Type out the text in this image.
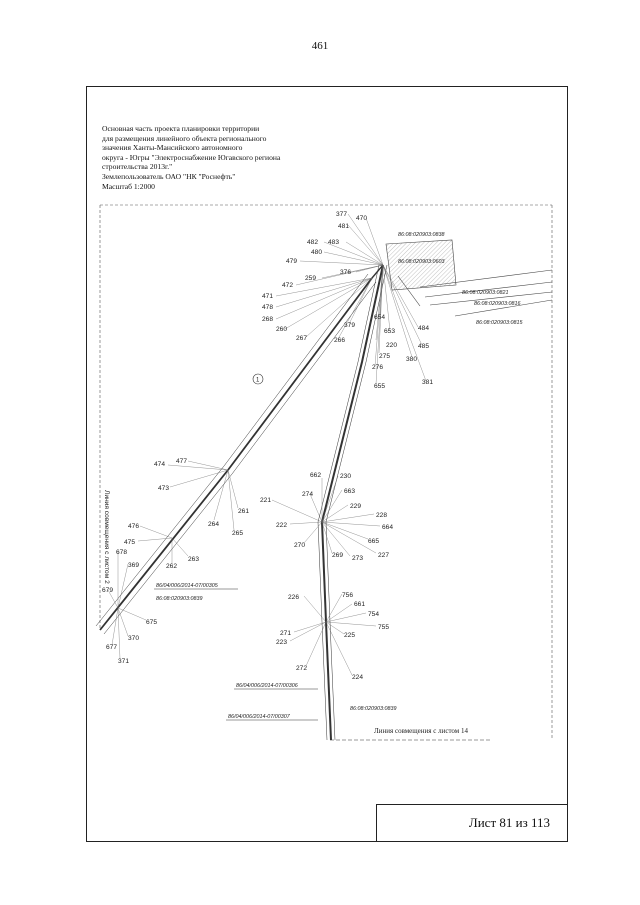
461
Основная часть проекта планировки территории
для размещения линейного объекта регионального
значения Ханты-Мансийского автономного
округа - Югры "Электроснабжение Югавского региона
строительства 2013г."
Землепользователь ОАО "НК "Роснефть"
Масштаб 1:2000
Линия совмещения с листом 2
Линия совмещения с листом 14
1
86:08:020903:0838
86:08:020903:0603
86:08:020903:0821
86:08:020903:0816
86:08:020903:0815
86/04/006/2014-07/00305
86:08:020903:0839
86/04/006/2014-07/00306
86:08:020903:0839
86/04/006/2014-07/00307
377
470
481
483
482
480
479
376
259
472
471
478
268
260
267	266
379
654
653	484
220	485
275 380
276
381
655
474 477
473
264
261
265
476
475
262
263
678
369
679
675
370
677
371
662	230
274	663
221
229
228
222	664
665
270
269 273 227
226	756
661
754
755
271
223
225
272
224
Лист 81 из 113
